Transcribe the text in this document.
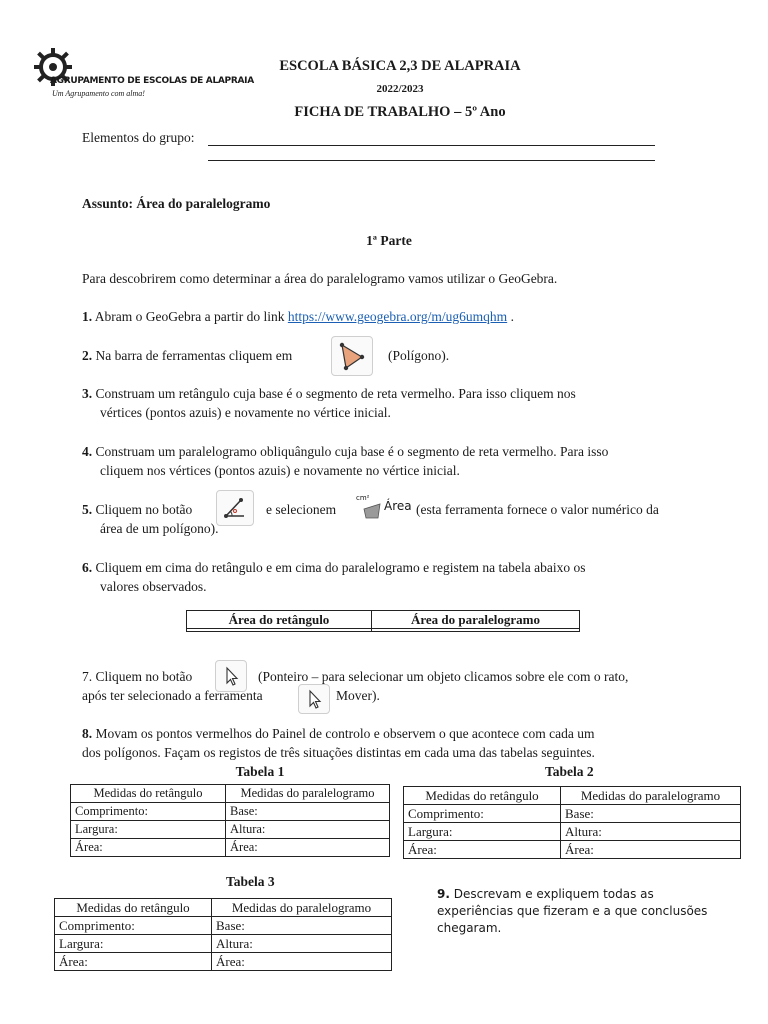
AGRUPAMENTO DE ESCOLAS DE ALAPRAIA
Um Agrupamento com alma!
ESCOLA BÁSICA 2,3 DE ALAPRAIA
2022/2023
FICHA DE TRABALHO – 5º Ano
Elementos do grupo:
Assunto: Área do paralelogramo
1ª Parte
Para descobrirem como determinar a área do paralelogramo vamos utilizar o GeoGebra.
1. Abram o GeoGebra a partir do link https://www.geogebra.org/m/ug6umqhm .
2. Na barra de ferramentas cliquem em	(Polígono).
3. Construam um retângulo cuja base é o segmento de reta vermelho. Para isso cliquem nos
vértices (pontos azuis) e novamente no vértice inicial.
4. Construam um paralelogramo obliquângulo cuja base é o segmento de reta vermelho. Para isso
cliquem nos vértices (pontos azuis) e novamente no vértice inicial.
5. Cliquem no botão	e selecionem
cm²
Área (esta ferramenta fornece o valor numérico da
área de um polígono).
6. Cliquem em cima do retângulo e em cima do paralelogramo e registem na tabela abaixo os
valores observados.
Área do retângulo	Área do paralelogramo

7. Cliquem no botão	(Ponteiro – para selecionar um objeto clicamos sobre ele com o rato,
após ter selecionado a ferramenta	Mover).
8. Movam os pontos vermelhos do Painel de controlo e observem o que acontece com cada um
dos polígonos. Façam os registos de três situações distintas em cada uma das tabelas seguintes.
Tabela 1
Medidas do retângulo	Medidas do paralelogramo
Comprimento:	Base:
Largura:	Altura:
Área:	Área:
Tabela 2
Medidas do retângulo	Medidas do paralelogramo
Comprimento:	Base:
Largura:	Altura:
Área:	Área:
Tabela 3
Medidas do retângulo	Medidas do paralelogramo
Comprimento:	Base:
Largura:	Altura:
Área:	Área:
9. Descrevam e expliquem todas as
experiências que fizeram e a que conclusões
chegaram.
